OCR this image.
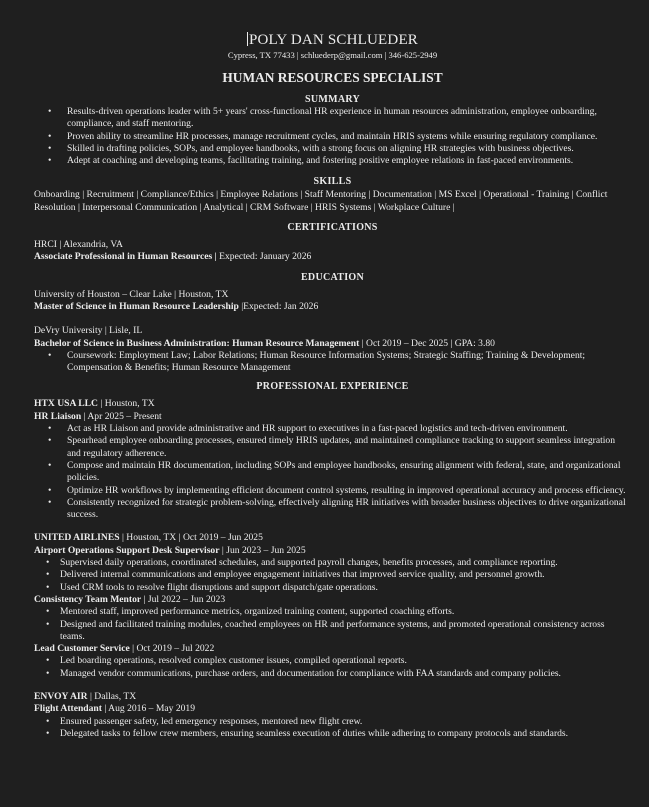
POLY DAN SCHLUEDER
Cypress, TX 77433 | schluederp@gmail.com | 346-625-2949
HUMAN RESOURCES SPECIALIST
SUMMARY
• Results-driven operations leader with 5+ years' cross-functional HR experience in human resources administration, employee onboarding, compliance, and staff mentoring.
• Proven ability to streamline HR processes, manage recruitment cycles, and maintain HRIS systems while ensuring regulatory compliance.
• Skilled in drafting policies, SOPs, and employee handbooks, with a strong focus on aligning HR strategies with business objectives.
• Adept at coaching and developing teams, facilitating training, and fostering positive employee relations in fast-paced environments.
SKILLS
Onboarding | Recruitment | Compliance/Ethics | Employee Relations | Staff Mentoring | Documentation | MS Excel | Operational - Training | Conflict Resolution | Interpersonal Communication | Analytical | CRM Software | HRIS Systems | Workplace Culture |
CERTIFICATIONS
HRCI | Alexandria, VA
Associate Professional in Human Resources | Expected: January 2026
EDUCATION
University of Houston – Clear Lake | Houston, TX
Master of Science in Human Resource Leadership |Expected: Jan 2026
DeVry University | Lisle, IL
Bachelor of Science in Business Administration: Human Resource Management | Oct 2019 – Dec 2025 | GPA: 3.80
• Coursework: Employment Law; Labor Relations; Human Resource Information Systems; Strategic Staffing; Training & Development; Compensation & Benefits; Human Resource Management
PROFESSIONAL EXPERIENCE
HTX USA LLC | Houston, TX
HR Liaison | Apr 2025 – Present
• Act as HR Liaison and provide administrative and HR support to executives in a fast-paced logistics and tech-driven environment.
• Spearhead employee onboarding processes, ensured timely HRIS updates, and maintained compliance tracking to support seamless integration and regulatory adherence.
• Compose and maintain HR documentation, including SOPs and employee handbooks, ensuring alignment with federal, state, and organizational policies.
• Optimize HR workflows by implementing efficient document control systems, resulting in improved operational accuracy and process efficiency.
• Consistently recognized for strategic problem-solving, effectively aligning HR initiatives with broader business objectives to drive organizational success.
UNITED AIRLINES | Houston, TX | Oct 2019 – Jun 2025
Airport Operations Support Desk Supervisor | Jun 2023 – Jun 2025
• Supervised daily operations, coordinated schedules, and supported payroll changes, benefits processes, and compliance reporting.
• Delivered internal communications and employee engagement initiatives that improved service quality, and personnel growth.
• Used CRM tools to resolve flight disruptions and support dispatch/gate operations.
Consistency Team Mentor | Jul 2022 – Jun 2023
• Mentored staff, improved performance metrics, organized training content, supported coaching efforts.
• Designed and facilitated training modules, coached employees on HR and performance systems, and promoted operational consistency across teams.
Lead Customer Service | Oct 2019 – Jul 2022
• Led boarding operations, resolved complex customer issues, compiled operational reports.
• Managed vendor communications, purchase orders, and documentation for compliance with FAA standards and company policies.
ENVOY AIR | Dallas, TX
Flight Attendant | Aug 2016 – May 2019
• Ensured passenger safety, led emergency responses, mentored new flight crew.
• Delegated tasks to fellow crew members, ensuring seamless execution of duties while adhering to company protocols and standards.
